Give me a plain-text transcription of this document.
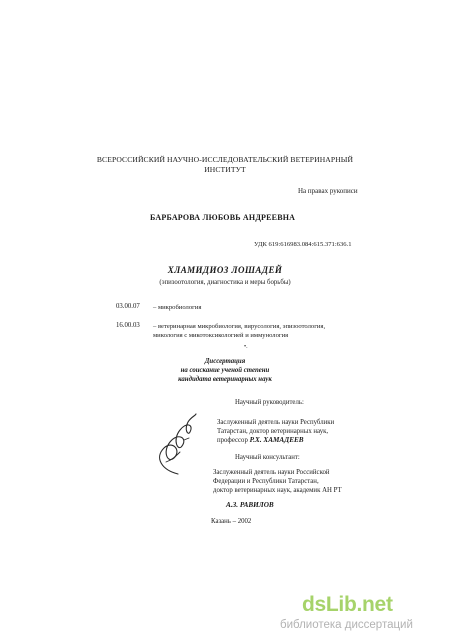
ВСЕРОССИЙСКИЙ НАУЧНО-ИССЛЕДОВАТЕЛЬСКИЙ ВЕТЕРИНАРНЫЙ
ИНСТИТУТ
На правах рукописи
БАРБАРОВА ЛЮБОВЬ АНДРЕЕВНА
УДК 619:616983.084:615.371:636.1
ХЛАМИДИОЗ ЛОШАДЕЙ
(эпизоотология, диагностика и меры борьбы)
03.00.07 – микробиология
16.00.03 – ветеринарная микробиология, вирусология, эпизоотология,
микология с микотоксикологией и иммунология
•.
Диссертация
на соискание ученой степени
кандидата ветеринарных наук
Научный руководитель:
Заслуженный деятель науки Республики
Татарстан, доктор ветеринарных наук,
профессор Р.Х. ХАМАДЕЕВ
Научный консультант:
Заслуженный деятель науки Российской
Федерации и Республики Татарстан,
доктор ветеринарных наук, академик АН РТ
А.З. РАВИЛОВ
Казань – 2002
dsLib.net
библиотека диссертаций
